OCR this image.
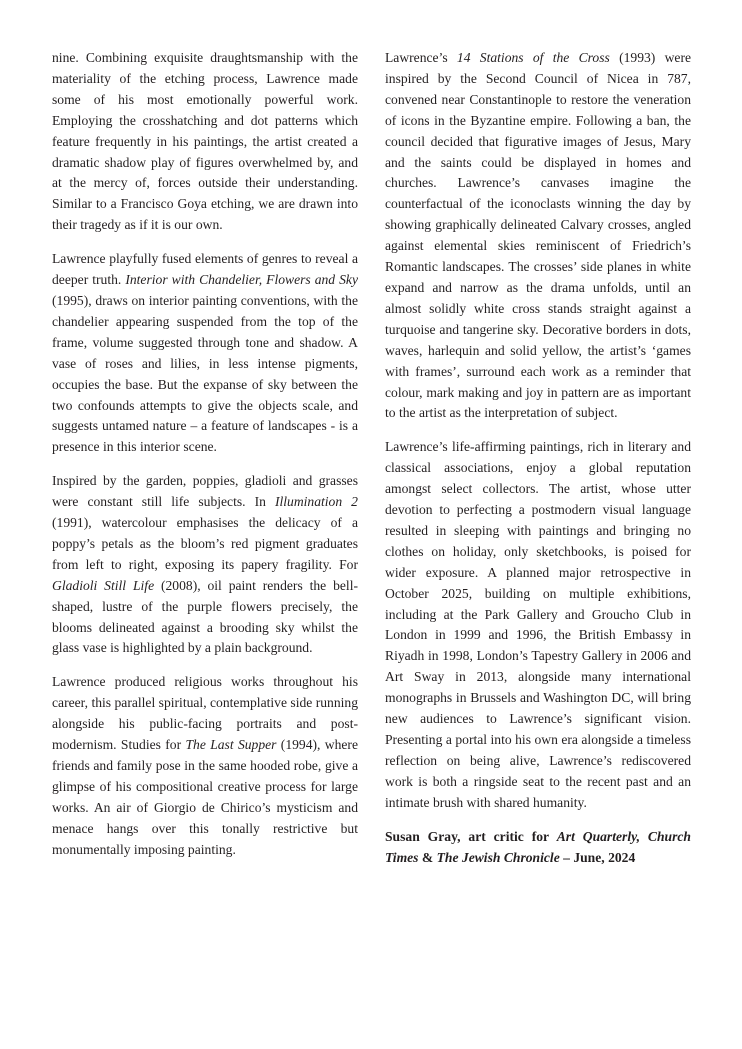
nine. Combining exquisite draughtsmanship with the materiality of the etching process, Lawrence made some of his most emotionally powerful work. Employing the crosshatching and dot patterns which feature frequently in his paintings, the artist created a dramatic shadow play of figures overwhelmed by, and at the mercy of, forces outside their understanding. Similar to a Francisco Goya etching, we are drawn into their tragedy as if it is our own.

Lawrence playfully fused elements of genres to reveal a deeper truth. Interior with Chandelier, Flowers and Sky (1995), draws on interior painting conventions, with the chandelier appearing suspended from the top of the frame, volume suggested through tone and shadow. A vase of roses and lilies, in less intense pigments, occupies the base. But the expanse of sky between the two confounds attempts to give the objects scale, and suggests untamed nature – a feature of landscapes - is a presence in this interior scene.

Inspired by the garden, poppies, gladioli and grasses were constant still life subjects. In Illumination 2 (1991), watercolour emphasises the delicacy of a poppy’s petals as the bloom’s red pigment graduates from left to right, exposing its papery fragility. For Gladioli Still Life (2008), oil paint renders the bell-shaped, lustre of the purple flowers precisely, the blooms delineated against a brooding sky whilst the glass vase is highlighted by a plain background.

Lawrence produced religious works throughout his career, this parallel spiritual, contemplative side running alongside his public-facing portraits and post-modernism. Studies for The Last Supper (1994), where friends and family pose in the same hooded robe, give a glimpse of his compositional creative process for large works. An air of Giorgio de Chirico’s mysticism and menace hangs over this tonally restrictive but monumentally imposing painting.

Lawrence’s 14 Stations of the Cross (1993) were inspired by the Second Council of Nicea in 787, convened near Constantinople to restore the veneration of icons in the Byzantine empire. Following a ban, the council decided that figurative images of Jesus, Mary and the saints could be displayed in homes and churches. Lawrence’s canvases imagine the counterfactual of the iconoclasts winning the day by showing graphically delineated Calvary crosses, angled against elemental skies reminiscent of Friedrich’s Romantic landscapes. The crosses’ side planes in white expand and narrow as the drama unfolds, until an almost solidly white cross stands straight against a turquoise and tangerine sky. Decorative borders in dots, waves, harlequin and solid yellow, the artist’s ‘games with frames’, surround each work as a reminder that colour, mark making and joy in pattern are as important to the artist as the interpretation of subject.

Lawrence’s life-affirming paintings, rich in literary and classical associations, enjoy a global reputation amongst select collectors. The artist, whose utter devotion to perfecting a postmodern visual language resulted in sleeping with paintings and bringing no clothes on holiday, only sketchbooks, is poised for wider exposure. A planned major retrospective in October 2025, building on multiple exhibitions, including at the Park Gallery and Groucho Club in London in 1999 and 1996, the British Embassy in Riyadh in 1998, London’s Tapestry Gallery in 2006 and Art Sway in 2013, alongside many international monographs in Brussels and Washington DC, will bring new audiences to Lawrence’s significant vision. Presenting a portal into his own era alongside a timeless reflection on being alive, Lawrence’s rediscovered work is both a ringside seat to the recent past and an intimate brush with shared humanity.

Susan Gray, art critic for Art Quarterly, Church Times & The Jewish Chronicle – June, 2024
